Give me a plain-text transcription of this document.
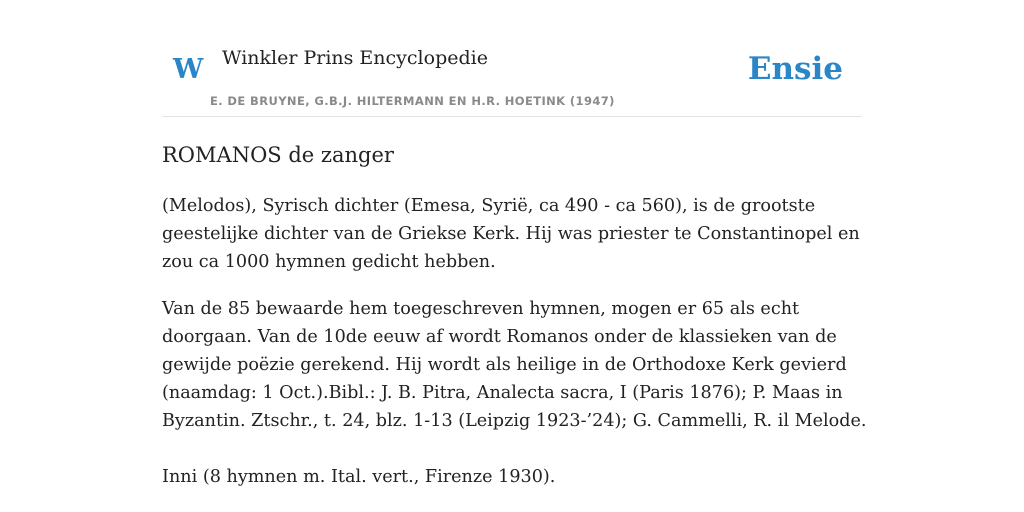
W Winkler Prins Encyclopedie
E. DE BRUYNE, G.B.J. HILTERMANN EN H.R. HOETINK (1947)
Ensie
ROMANOS de zanger

(Melodos), Syrisch dichter (Emesa, Syrië, ca 490 - ca 560), is de grootste geestelijke dichter van de Griekse Kerk. Hij was priester te Constantinopel en zou ca 1000 hymnen gedicht hebben.

Van de 85 bewaarde hem toegeschreven hymnen, mogen er 65 als echt doorgaan. Van de 10de eeuw af wordt Romanos onder de klassieken van de gewijde poëzie gerekend. Hij wordt als heilige in de Orthodoxe Kerk gevierd (naamdag: 1 Oct.).Bibl.: J. B. Pitra, Analecta sacra, I (Paris 1876); P. Maas in Byzantin. Ztschr., t. 24, blz. 1-13 (Leipzig 1923-’24); G. Cammelli, R. il Melode.

Inni (8 hymnen m. Ital. vert., Firenze 1930).
